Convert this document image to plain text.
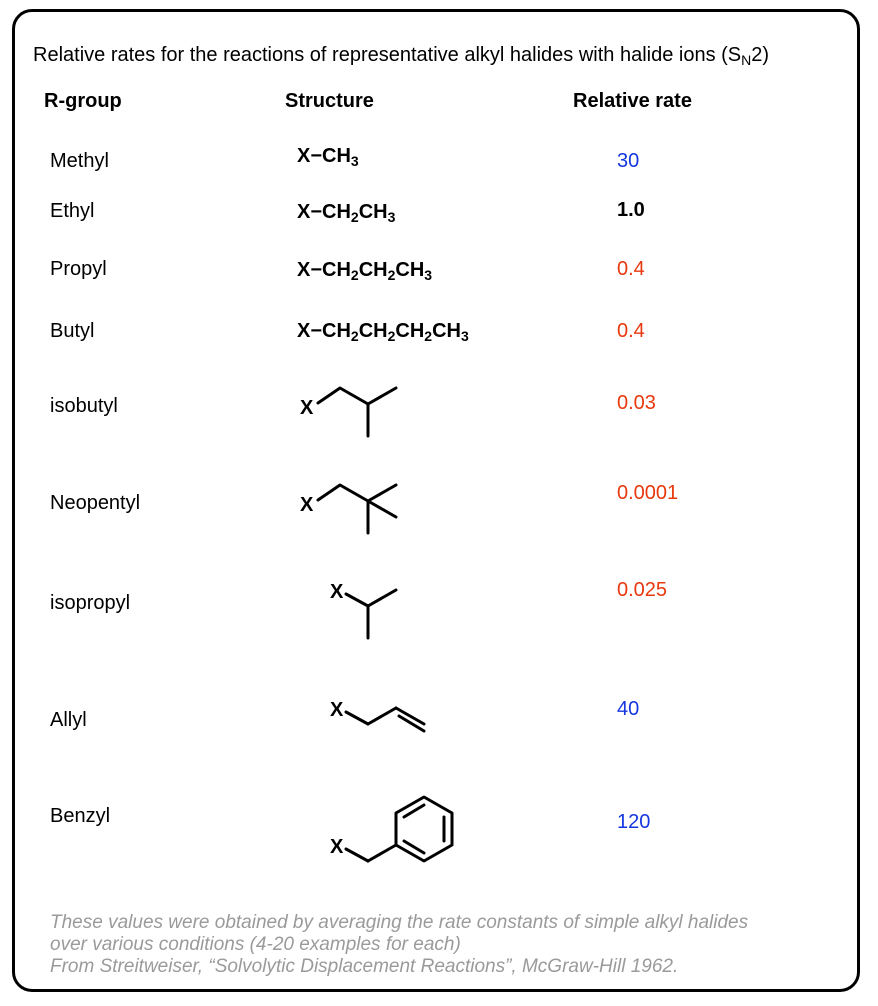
Relative rates for the reactions of representative alkyl halides with halide ions $(S_N2)$
R-group	Structure	Relative rate
Methyl
Ethyl
Propyl
Butyl
isobutyl
Neopentyl
isopropyl
Allyl
Benzyl
$X-CH_3$
$X-CH_2CH_3$
$X-CH_2CH_2CH_3$
$X-CH_2CH_2CH_2CH_3$
X
X
X
X
X
30
1.0
0.4
0.4
0.03
0.0001
0.025
40
120
These values were obtained by averaging the rate constants of simple alkyl halides
over various conditions (4-20 examples for each)
From Streitweiser, “Solvolytic Displacement Reactions”, McGraw-Hill 1962.
